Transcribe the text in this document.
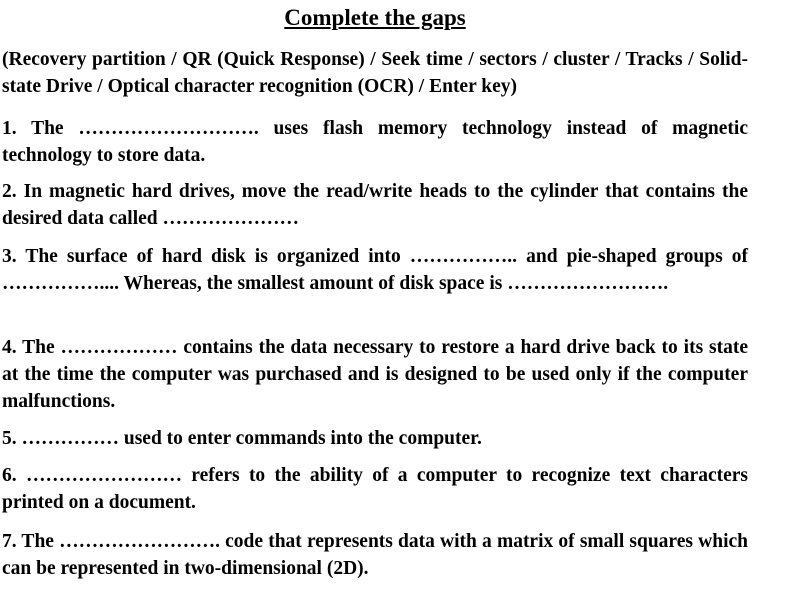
Complete the gaps
(Recovery partition / QR (Quick Response) / Seek time / sectors / cluster / Tracks / Solid-state Drive / Optical character recognition (OCR) / Enter key)
1. The ………………………. uses flash memory technology instead of magnetic technology to store data.
2. In magnetic hard drives, move the read/write heads to the cylinder that contains the desired data called …………………
3. The surface of hard disk is organized into …………….. and pie-shaped groups of …………….... Whereas, the smallest amount of disk space is …………………….
4. The ……………… contains the data necessary to restore a hard drive back to its state at the time the computer was purchased and is designed to be used only if the computer malfunctions.
5. …………… used to enter commands into the computer.
6. …………………… refers to the ability of a computer to recognize text characters printed on a document.
7. The ……………………. code that represents data with a matrix of small squares which can be represented in two-dimensional (2D).
